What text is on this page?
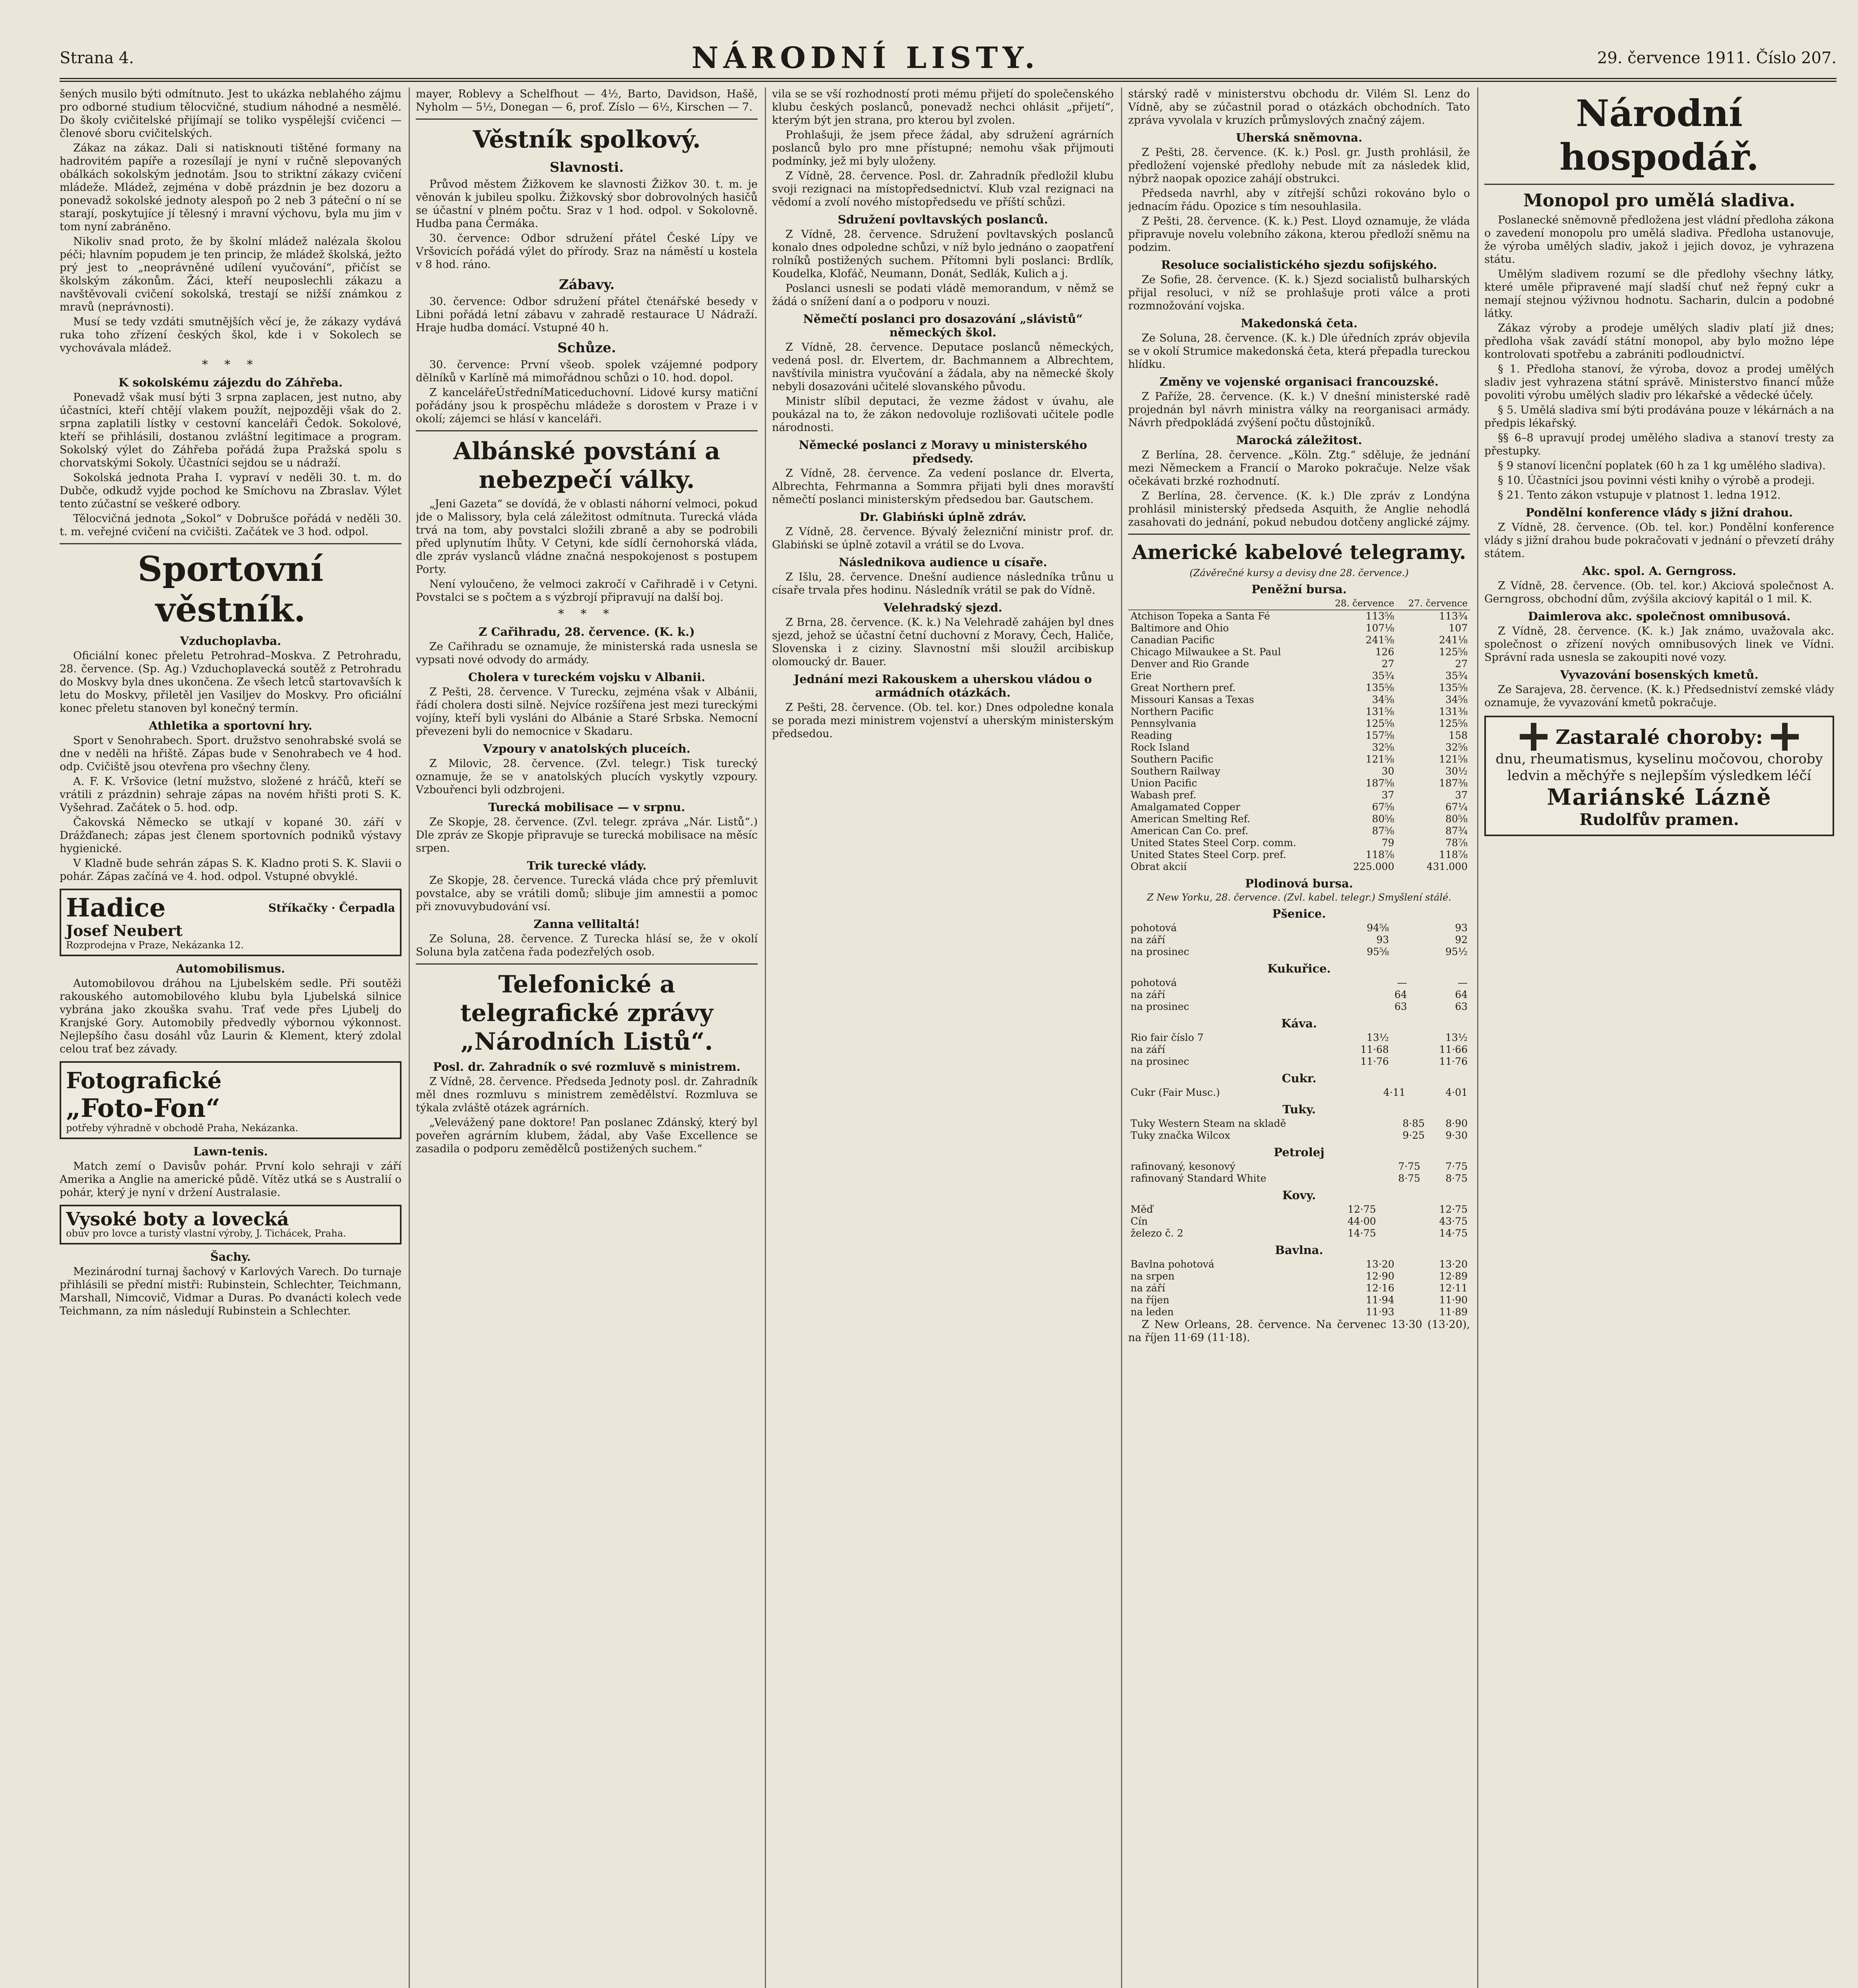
Strana 4.	NÁRODNÍ LISTY.	29. července 1911. Číslo 207.

šených musilo býti odmítnuto. Jest to ukázka neblahého zájmu pro odborné studium tělocvičné, studium náhodné a nesmělé. Do školy cvičitelské přijímají se toliko vyspělejší cvičenci — členové sboru cvičitelských.

Zákaz na zákaz. Dali si natisknouti tištěné formany na hadrovitém papíře a rozesílají je nyní v ručně slepovaných obálkách sokolským jednotám. Jsou to striktní zákazy cvičení mládeže. Mládež, zejména v době prázdnin je bez dozoru a ponevadž sokolské jednoty alespoň po 2 neb 3 páteční o ní se starají, poskytujíce jí tělesný i mravní výchovu, byla mu jim v tom nyní zabráněno.

Nikoliv snad proto, že by školní mládež nalézala školou péči; hlavním popudem je ten princip, že mládež školská, ježto prý jest to „neoprávněné udílení vyučování“, přičíst se školským zákonům. Žáci, kteří neuposlechli zákazu a navštěvovali cvičení sokolská, trestají se nižší známkou z mravů (neprávnosti).

Musí se tedy vzdáti smutnějších věcí je, že zákazy vydává ruka toho zřízení českých škol, kde i v Sokolech se vychovávala mládež.

* * *
K sokolskému zájezdu do Záhřeba.

Ponevadž však musí býti 3 srpna zaplacen, jest nutno, aby účastníci, kteří chtějí vlakem použít, nejpozději však do 2. srpna zaplatili lístky v cestovní kanceláři Čedok. Sokolové, kteří se přihlásili, dostanou zvláštní legitimace a program. Sokolský výlet do Záhřeba pořádá župa Pražská spolu s chorvatskými Sokoly. Účastníci sejdou se u nádraží.

Sokolská jednota Praha I. vypraví v neděli 30. t. m. do Dubče, odkudž vyjde pochod ke Smíchovu na Zbraslav. Výlet tento zúčastní se veškeré odbory.

Tělocvičná jednota „Sokol“ v Dobrušce pořádá v neděli 30. t. m. veřejné cvičení na cvičišti. Začátek ve 3 hod. odpol.

Sportovní věstník.
Vzduchoplavba.

Oficiální konec přeletu Petrohrad–Moskva. Z Petrohradu, 28. července. (Sp. Ag.) Vzduchoplavecká soutěž z Petrohradu do Moskvy byla dnes ukončena. Ze všech letců startovavších k letu do Moskvy, přiletěl jen Vasiljev do Moskvy. Pro oficiální konec přeletu stanoven byl konečný termín.

Athletika a sportovní hry.

Sport v Senohrabech. Sport. družstvo senohrabské svolá se dne v neděli na hřiště. Zápas bude v Senohrabech ve 4 hod. odp. Cvičiště jsou otevřena pro všechny členy.

A. F. K. Vršovice (letní mužstvo, složené z hráčů, kteří se vrátili z prázdnin) sehraje zápas na novém hřišti proti S. K. Vyšehrad. Začátek o 5. hod. odp.

Čakovská Německo se utkají v kopané 30. září v Drážďanech; zápas jest členem sportovních podniků výstavy hygienické.

V Kladně bude sehrán zápas S. K. Kladno proti S. K. Slavii o pohár. Zápas začíná ve 4. hod. odpol. Vstupné obvyklé.

Hadice	Stříkačky · Čerpadla
Josef Neubert
Rozprodejna v Praze, Nekázanka 12.
Automobilismus.

Automobilovou dráhou na Ljubelském sedle. Při soutěži rakouského automobilového klubu byla Ljubelská silnice vybrána jako zkouška svahu. Trať vede přes Ljubelj do Kranjské Gory. Automobily předvedly výbornou výkonnost. Nejlepšího času dosáhl vůz Laurin & Klement, který zdolal celou trať bez závady.

Fotografické
„Foto-Fon“
potřeby výhradně v obchodě Praha, Nekázanka.
Lawn-tenis.

Match zemí o Davisův pohár. První kolo sehraji v září Amerika a Anglie na americké půdě. Vítěz utká se s Australií o pohár, který je nyní v držení Australasie.

Vysoké boty a lovecká
obuv pro lovce a turisty vlastní výroby, J. Tichácek, Praha.
Šachy.

Mezinárodní turnaj šachový v Karlových Varech. Do turnaje přihlásili se přední mistři: Rubinstein, Schlechter, Teichmann, Marshall, Nimcovič, Vidmar a Duras. Po dvanácti kolech vede Teichmann, za ním následují Rubinstein a Schlechter.

mayer, Roblevy a Schelfhout — 4½, Barto, Davidson, Hašě, Nyholm — 5½, Donegan — 6, prof. Zíslo — 6½, Kirschen — 7.

Věstník spolkový.
Slavnosti.

Průvod městem Žižkovem ke slavnosti Žižkov 30. t. m. je věnován k jubileu spolku. Žižkovský sbor dobrovolných hasičů se účastní v plném počtu. Sraz v 1 hod. odpol. v Sokolovně. Hudba pana Čermáka.

30. července: Odbor sdružení přátel České Lípy ve Vršovicích pořádá výlet do přírody. Sraz na náměstí u kostela v 8 hod. ráno.

Zábavy.

30. července: Odbor sdružení přátel čtenářské besedy v Libni pořádá letní zábavu v zahradě restaurace U Nádraží. Hraje hudba domácí. Vstupné 40 h.

Schůze.

30. července: První všeob. spolek vzájemné podpory dělníků v Karlíně má mimořádnou schůzi o 10. hod. dopol.

Z kancelářeÚstředníMaticeduchovní. Lidové kursy matiční pořádány jsou k prospěchu mládeže s dorostem v Praze i v okolí; zájemci se hlásí v kanceláři.

Albánské povstání a nebezpečí války.

„Jeni Gazeta“ se dovídá, že v oblasti náhorní velmoci, pokud jde o Malissory, byla celá záležitost odmítnuta. Turecká vláda trvá na tom, aby povstalci složili zbraně a aby se podrobili před uplynutím lhůty. V Cetyni, kde sídlí černohorská vláda, dle zpráv vyslanců vládne značná nespokojenost s postupem Porty.

Není vyloučeno, že velmoci zakročí v Cařihradě i v Cetyni. Povstalci se s počtem a s výzbrojí připravují na další boj.

* * *
Z Cařihradu, 28. července. (K. k.)

Ze Cařihradu se oznamuje, že ministerská rada usnesla se vypsati nové odvody do armády.

Cholera v tureckém vojsku v Albanii.

Z Pešti, 28. července. V Turecku, zejména však v Albánii, řádí cholera dosti silně. Nejvíce rozšířena jest mezi tureckými vojíny, kteří byli vysláni do Albánie a Staré Srbska. Nemocní převezeni byli do nemocnice v Skadaru.

Vzpoury v anatolských pluceích.

Z Milovic, 28. července. (Zvl. telegr.) Tisk turecký oznamuje, že se v anatolských plucích vyskytly vzpoury. Vzbouřenci byli odzbrojeni.

Turecká mobilisace — v srpnu.

Ze Skopje, 28. července. (Zvl. telegr. zpráva „Nár. Listů“.) Dle zpráv ze Skopje připravuje se turecká mobilisace na měsíc srpen.

Trik turecké vlády.

Ze Skopje, 28. července. Turecká vláda chce prý přemluvit povstalce, aby se vrátili domů; slibuje jim amnestii a pomoc při znovuvybudování vsí.

Zanna vellitaltá!

Ze Soluna, 28. července. Z Turecka hlásí se, že v okolí Soluna byla zatčena řada podezřelých osob.

Telefonické a telegrafické zprávy „Národních Listů“.
Posl. dr. Zahradník o své rozmluvě s ministrem.

Z Vídně, 28. července. Předseda Jednoty posl. dr. Zahradník měl dnes rozmluvu s ministrem zemědělství. Rozmluva se týkala zvláště otázek agrárních.

„Velevážený pane doktore! Pan poslanec Zdánský, který byl poveřen agrárním klubem, žádal, aby Vaše Excellence se zasadila o podporu zemědělců postižených suchem.“

vila se se vší rozhodností proti mému přijetí do společenského klubu českých poslanců, ponevadž nechci ohlásit „přijetí“, kterým být jen strana, pro kterou byl zvolen.

Prohlašuji, že jsem přece žádal, aby sdružení agrárních poslanců bylo pro mne přístupné; nemohu však přijmouti podmínky, jež mi byly uloženy.

Z Vídně, 28. července. Posl. dr. Zahradník předložil klubu svoji rezignaci na místopředsednictví. Klub vzal rezignaci na vědomí a zvolí nového místopředsedu ve příští schůzi.

Sdružení povltavských poslanců.

Z Vídně, 28. července. Sdružení povltavských poslanců konalo dnes odpoledne schůzi, v níž bylo jednáno o zaopatření rolníků postižených suchem. Přítomni byli poslanci: Brdlík, Koudelka, Klofáč, Neumann, Donát, Sedlák, Kulich a j.

Poslanci usnesli se podati vládě memorandum, v němž se žádá o snížení daní a o podporu v nouzi.

Němečtí poslanci pro dosazování „slávistů“ německých škol.

Z Vídně, 28. července. Deputace poslanců německých, vedená posl. dr. Elvertem, dr. Bachmannem a Albrechtem, navštívila ministra vyučování a žádala, aby na německé školy nebyli dosazováni učitelé slovanského původu.

Ministr slíbil deputaci, že vezme žádost v úvahu, ale poukázal na to, že zákon nedovoluje rozlišovati učitele podle národnosti.

Německé poslanci z Moravy u ministerského předsedy.

Z Vídně, 28. července. Za vedení poslance dr. Elverta, Albrechta, Fehrmanna a Sommra přijati byli dnes moravští němečtí poslanci ministerským předsedou bar. Gautschem.

Dr. Glabiński úplně zdráv.

Z Vídně, 28. července. Bývalý železniční ministr prof. dr. Glabiński se úplně zotavil a vrátil se do Lvova.

Následnikova audience u císaře.

Z Išlu, 28. července. Dnešní audience následníka trůnu u císaře trvala přes hodinu. Následník vrátil se pak do Vídně.

Velehradský sjezd.

Z Brna, 28. července. (K. k.) Na Velehradě zahájen byl dnes sjezd, jehož se účastní četní duchovní z Moravy, Čech, Haliče, Slovenska i z ciziny. Slavnostní mši sloužil arcibiskup olomoucký dr. Bauer.

Jednání mezi Rakouskem a uherskou vládou o armádních otázkách.

Z Pešti, 28. července. (Ob. tel. kor.) Dnes odpoledne konala se porada mezi ministrem vojenství a uherským ministerským předsedou.

stárský radě v ministerstvu obchodu dr. Vilém Sl. Lenz do Vídně, aby se zúčastnil porad o otázkách obchodních. Tato zpráva vyvolala v kruzích průmyslových značný zájem.

Uherská sněmovna.

Z Pešti, 28. července. (K. k.) Posl. gr. Justh prohlásil, že předložení vojenské předlohy nebude mít za následek klid, nýbrž naopak opozice zahájí obstrukci.

Předseda navrhl, aby v zítřejší schůzi rokováno bylo o jednacím řádu. Opozice s tím nesouhlasila.

Z Pešti, 28. července. (K. k.) Pest. Lloyd oznamuje, že vláda připravuje novelu volebního zákona, kterou předloží sněmu na podzim.

Resoluce socialistického sjezdu sofijského.

Ze Sofie, 28. července. (K. k.) Sjezd socialistů bulharských přijal resoluci, v níž se prohlašuje proti válce a proti rozmnožování vojska.

Makedonská četa.

Ze Soluna, 28. července. (K. k.) Dle úředních zpráv objevila se v okolí Strumice makedonská četa, která přepadla tureckou hlídku.

Změny ve vojenské organisaci francouzské.

Z Paříže, 28. července. (K. k.) V dnešní ministerské radě projednán byl návrh ministra války na reorganisaci armády. Návrh předpokládá zvýšení počtu důstojníků.

Marocká záležitost.

Z Berlína, 28. července. „Köln. Ztg.“ sděluje, že jednání mezi Německem a Francií o Maroko pokračuje. Nelze však očekávati brzké rozhodnutí.

Z Berlína, 28. července. (K. k.) Dle zpráv z Londýna prohlásil ministerský předseda Asquith, že Anglie nehodlá zasahovati do jednání, pokud nebudou dotčeny anglické zájmy.

Americké kabelové telegramy.
(Závěrečné kursy a devisy dne 28. července.)
Peněžní bursa.
	28. července	27. července
Atchison Topeka a Santa Fé	113⅝	113¾
Baltimore and Ohio	107⅛	107
Canadian Pacific	241⅝	241⅛
Chicago Milwaukee a St. Paul	126	125⅝
Denver and Rio Grande	27	27
Erie	35¾	35¾
Great Northern pref.	135⅝	135⅝
Missouri Kansas a Texas	34⅝	34⅝
Northern Pacific	131⅝	131⅜
Pennsylvania	125⅝	125⅝
Reading	157⅝	158
Rock Island	32⅝	32⅝
Southern Pacific	121⅝	121⅝
Southern Railway	30	30½
Union Pacific	187⅝	187⅜
Wabash pref.	37	37
Amalgamated Copper	67⅝	67¼
American Smelting Ref.	80⅝	80⅝
American Can Co. pref.	87⅝	87¾
United States Steel Corp. comm.	79	78⅞
United States Steel Corp. pref.	118⅞	118⅞
Obrat akcií	225.000	431.000
Plodinová bursa.
Z New Yorku, 28. července. (Zvl. kabel. telegr.) Smyšlení stálé.
Pšenice.
pohotová	94⅝	93
na září	93	92
na prosinec	95⅝	95½
Kukuřice.
pohotová	—	—
na září	64	64
na prosinec	63	63
Káva.
Rio fair číslo 7	13½	13½
na září	11·68	11·66
na prosinec	11·76	11·76
Cukr.
Cukr (Fair Musc.)	4·11	4·01
Tuky.
Tuky Western Steam na skladě	8·85	8·90
Tuky značka Wilcox	9·25	9·30
Petrolej
rafinovaný, kesonový	7·75	7·75
rafinovaný Standard White	8·75	8·75
Kovy.
Měď	12·75	12·75
Cín	44·00	43·75
železo č. 2	14·75	14·75
Bavlna.
Bavlna pohotová	13·20	13·20
na srpen	12·90	12·89
na září	12·16	12·11
na říjen	11·94	11·90
na leden	11·93	11·89

Z New Orleans, 28. července. Na červenec 13·30 (13·20), na říjen 11·69 (11·18).

Národní hospodář.
Monopol pro umělá sladiva.

Poslanecké sněmovně předložena jest vládní předloha zákona o zavedení monopolu pro umělá sladiva. Předloha ustanovuje, že výroba umělých sladiv, jakož i jejich dovoz, je vyhrazena státu.

Umělým sladivem rozumí se dle předlohy všechny látky, které uměle připravené mají sladší chuť než řepný cukr a nemají stejnou výživnou hodnotu. Sacharin, dulcin a podobné látky.

Zákaz výroby a prodeje umělých sladiv platí již dnes; předloha však zavádí státní monopol, aby bylo možno lépe kontrolovati spotřebu a zabrániti podloudnictví.

§ 1. Předloha stanoví, že výroba, dovoz a prodej umělých sladiv jest vyhrazena státní správě. Ministerstvo financí může povoliti výrobu umělých sladiv pro lékařské a vědecké účely.

§ 5. Umělá sladiva smí býti prodávána pouze v lékárnách a na předpis lékařský.

§§ 6–8 upravují prodej umělého sladiva a stanoví tresty za přestupky.

§ 9 stanoví licenční poplatek (60 h za 1 kg umělého sladiva).

§ 10. Účastníci jsou povinni vésti knihy o výrobě a prodeji.

§ 21. Tento zákon vstupuje v platnost 1. ledna 1912.

Pondělní konference vlády s jižní drahou.

Z Vídně, 28. července. (Ob. tel. kor.) Pondělní konference vlády s jižní drahou bude pokračovati v jednání o převzetí dráhy státem.

Akc. spol. A. Gerngross.

Z Vídně, 28. července. (Ob. tel. kor.) Akciová společnost A. Gerngross, obchodní dům, zvýšila akciový kapitál o 1 mil. K.

Daimlerova akc. společnost omnibusová.

Z Vídně, 28. července. (K. k.) Jak známo, uvažovala akc. společnost o zřízení nových omnibusových linek ve Vídni. Správní rada usnesla se zakoupiti nové vozy.

Vyvazování bosenských kmetů.

Ze Sarajeva, 28. července. (K. k.) Předsedniství zemské vlády oznamuje, že vyvazování kmetů pokračuje.

Zastaralé choroby:
dnu, rheumatismus, kyselinu močovou, choroby ledvin a měchýře s nejlepším výsledkem léčí
Mariánské Lázně
Rudolfův pramen.
